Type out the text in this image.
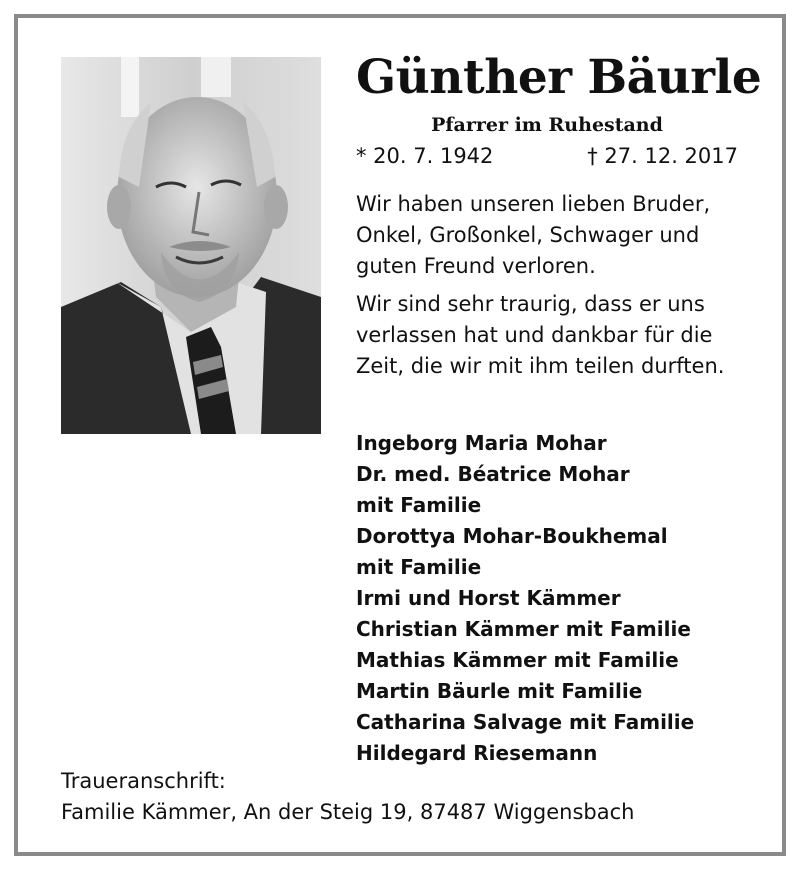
Günther Bäurle
Pfarrer im Ruhestand
* 20. 7. 1942	† 27. 12. 2017
Wir haben unseren lieben Bruder, Onkel, Großonkel, Schwager und guten Freund verloren.
Wir sind sehr traurig, dass er uns verlassen hat und dankbar für die Zeit, die wir mit ihm teilen durften.
Ingeborg Maria Mohar
Dr. med. Béatrice Mohar
mit Familie
Dorottya Mohar-Boukhemal
mit Familie
Irmi und Horst Kämmer
Christian Kämmer mit Familie
Mathias Kämmer mit Familie
Martin Bäurle mit Familie
Catharina Salvage mit Familie
Hildegard Riesemann
Traueranschrift:
Familie Kämmer, An der Steig 19, 87487 Wiggensbach
